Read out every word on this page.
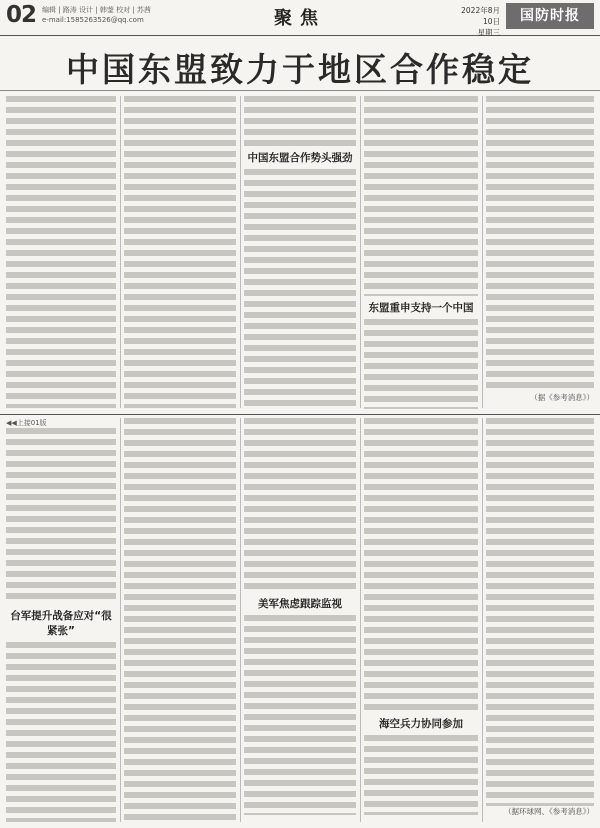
02 编辑 | 路涛 设计 | 韩蓥 校对 | 苏茜
e-mail:1585263526@qq.com	聚焦	2022年8月10日
星期三
国防时报
中国东盟致力于地区合作稳定
中国东盟合作势头强劲
东盟重申支持一个中国
（据《参考消息》）
◀◀上接01版
台军提升战备应对“很紧张”
美军焦虑跟踪监视
海空兵力协同参加
（据环球网、《参考消息》）
